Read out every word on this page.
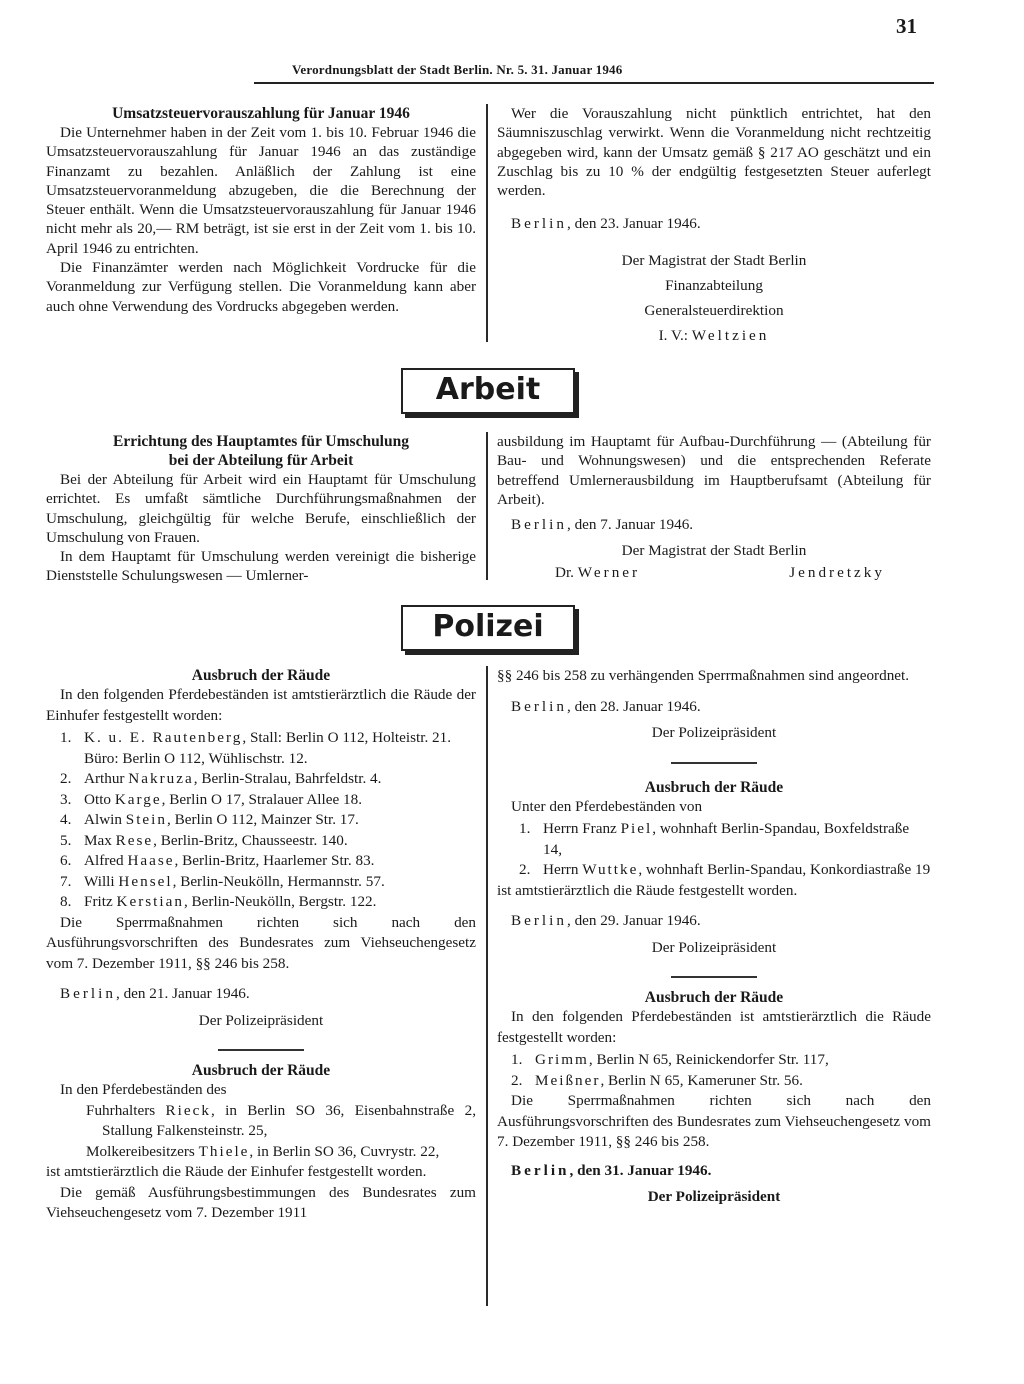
31
Verordnungsblatt der Stadt Berlin. Nr. 5. 31. Januar 1946
Umsatzsteuervorauszahlung für Januar 1946

Die Unternehmer haben in der Zeit vom 1. bis 10. Februar 1946 die Umsatzsteuervorauszahlung für Januar 1946 an das zuständige Finanzamt zu bezahlen. Anläßlich der Zahlung ist eine Umsatzsteuervoranmeldung abzugeben, die die Berechnung der Steuer enthält. Wenn die Umsatzsteuervorauszahlung für Januar 1946 nicht mehr als 20,— RM beträgt, ist sie erst in der Zeit vom 1. bis 10. April 1946 zu entrichten.

Die Finanzämter werden nach Möglichkeit Vordrucke für die Voranmeldung zur Verfügung stellen. Die Voranmeldung kann aber auch ohne Verwendung des Vordrucks abgegeben werden.

Wer die Vorauszahlung nicht pünktlich entrichtet, hat den Säumniszuschlag verwirkt. Wenn die Voranmeldung nicht rechtzeitig abgegeben wird, kann der Umsatz gemäß § 217 AO geschätzt und ein Zuschlag bis zu 10 % der endgültig festgesetzten Steuer auferlegt werden.

Berlin, den 23. Januar 1946.

Der Magistrat der Stadt Berlin
Finanzabteilung
Generalsteuerdirektion
I. V.: Weltzien
Arbeit
Errichtung des Hauptamtes für Umschulung
bei der Abteilung für Arbeit

Bei der Abteilung für Arbeit wird ein Hauptamt für Umschulung errichtet. Es umfaßt sämtliche Durchführungsmaßnahmen der Umschulung, gleichgültig für welche Berufe, einschließlich der Umschulung von Frauen.

In dem Hauptamt für Umschulung werden vereinigt die bisherige Dienststelle Schulungswesen — Umlerner-

ausbildung im Hauptamt für Aufbau-Durchführung — (Abteilung für Bau- und Wohnungswesen) und die entsprechenden Referate betreffend Umlernerausbildung im Hauptberufsamt (Abteilung für Arbeit).

Berlin, den 7. Januar 1946.

Der Magistrat der Stadt Berlin
Dr. Werner	Jendretzky
Polizei
Ausbruch der Räude

In den folgenden Pferdebeständen ist amtstierärztlich die Räude der Einhufer festgestellt worden:

1. K. u. E. Rautenberg, Stall: Berlin O 112, Holteistr. 21. Büro: Berlin O 112, Wühlischstr. 12.
2. Arthur Nakruza, Berlin-Stralau, Bahrfeldstr. 4.
3. Otto Karge, Berlin O 17, Stralauer Allee 18.
4. Alwin Stein, Berlin O 112, Mainzer Str. 17.
5. Max Rese, Berlin-Britz, Chausseestr. 140.
6. Alfred Haase, Berlin-Britz, Haarlemer Str. 83.
7. Willi Hensel, Berlin-Neukölln, Hermannstr. 57.
8. Fritz Kerstian, Berlin-Neukölln, Bergstr. 122.

Die Sperrmaßnahmen richten sich nach den Ausführungsvorschriften des Bundesrates zum Viehseuchengesetz vom 7. Dezember 1911, §§ 246 bis 258.

Berlin, den 21. Januar 1946.

Der Polizeipräsident
Ausbruch der Räude

In den Pferdebeständen des

Fuhrhalters Rieck, in Berlin SO 36, Eisenbahnstraße 2, Stallung Falkensteinstr. 25,

Molkereibesitzers Thiele, in Berlin SO 36, Cuvrystr. 22,

ist amtstierärztlich die Räude der Einhufer festgestellt worden.

Die gemäß Ausführungsbestimmungen des Bundesrates zum Viehseuchengesetz vom 7. Dezember 1911

§§ 246 bis 258 zu verhängenden Sperrmaßnahmen sind angeordnet.

Berlin, den 28. Januar 1946.

Der Polizeipräsident
Ausbruch der Räude

Unter den Pferdebeständen von

1. Herrn Franz Piel, wohnhaft Berlin-Spandau, Boxfeldstraße 14,
2. Herrn Wuttke, wohnhaft Berlin-Spandau, Konkordiastraße 19

ist amtstierärztlich die Räude festgestellt worden.

Berlin, den 29. Januar 1946.

Der Polizeipräsident
Ausbruch der Räude

In den folgenden Pferdebeständen ist amtstierärztlich die Räude festgestellt worden:

1. Grimm, Berlin N 65, Reinickendorfer Str. 117,
2. Meißner, Berlin N 65, Kameruner Str. 56.

Die Sperrmaßnahmen richten sich nach den Ausführungsvorschriften des Bundesrates zum Viehseuchengesetz vom 7. Dezember 1911, §§ 246 bis 258.

Berlin, den 31. Januar 1946.

Der Polizeipräsident
